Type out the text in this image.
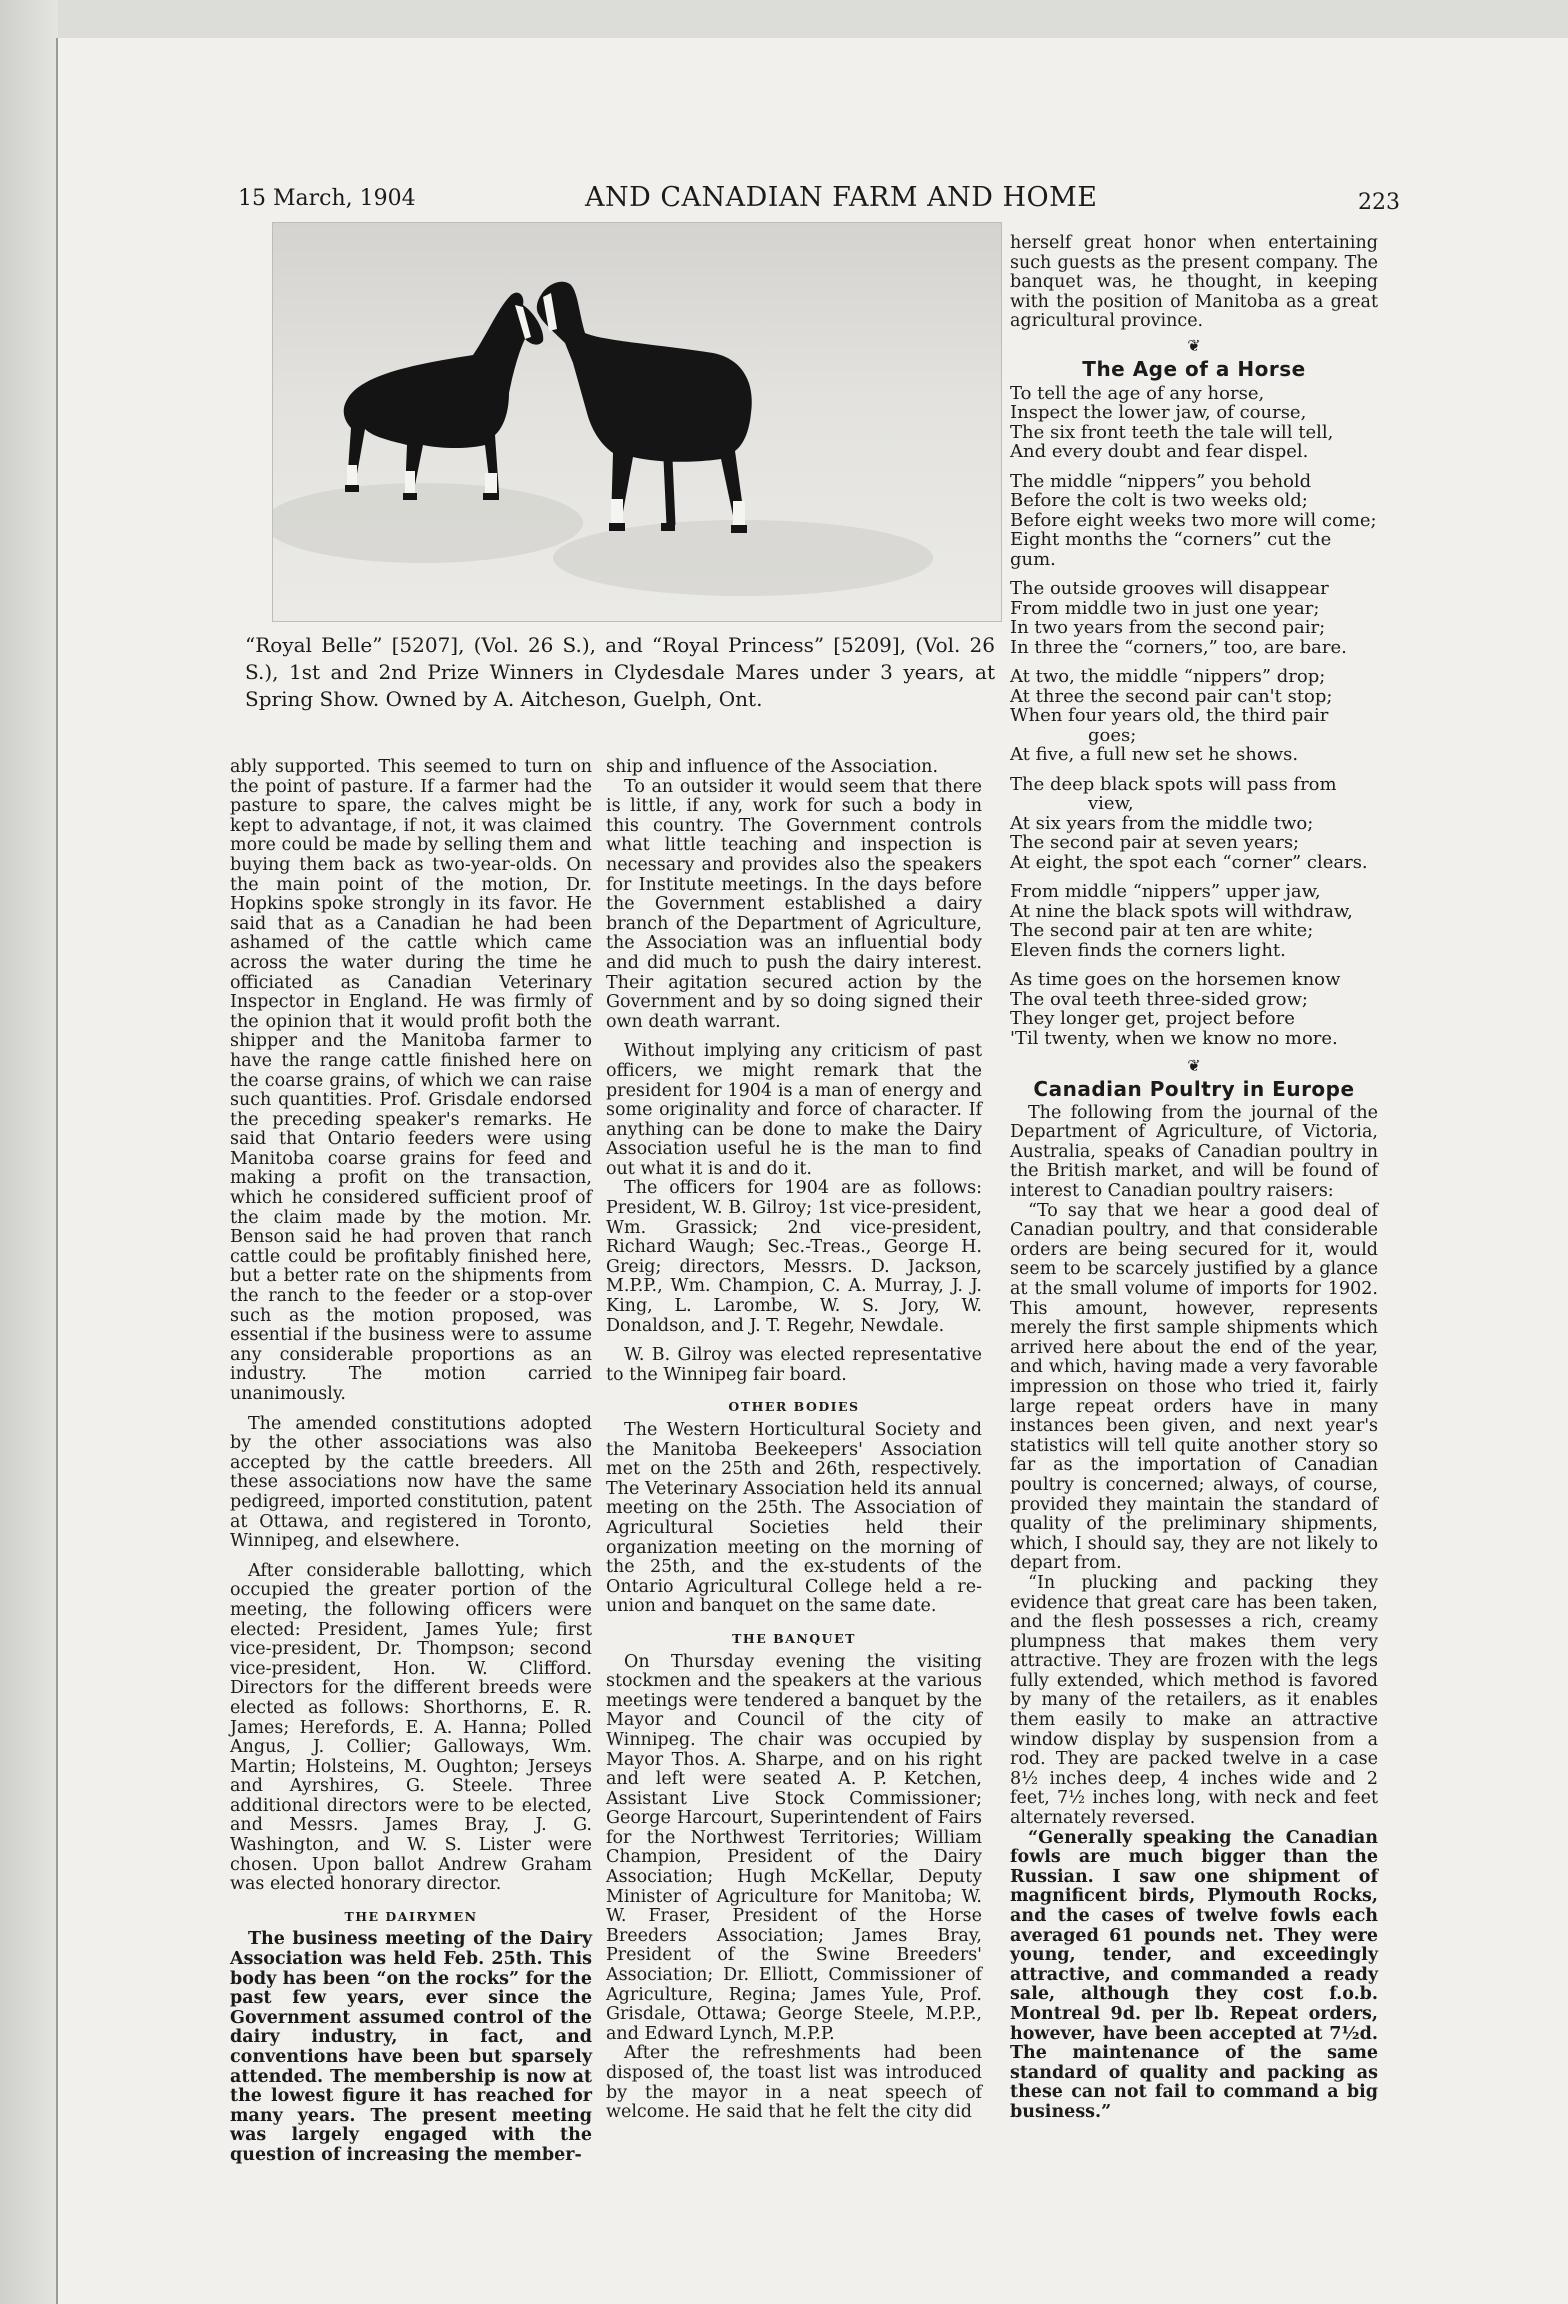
15 March, 1904	AND CANADIAN FARM AND HOME	223

“Royal Belle” [5207], (Vol. 26 S.), and “Royal Princess” [5209], (Vol. 26 S.), 1st and 2nd Prize Winners in Clydesdale Mares under 3 years, at Spring Show. Owned by A. Aitcheson, Guelph, Ont.

ably supported. This seemed to turn on the point of pasture. If a farmer had the pasture to spare, the calves might be kept to advantage, if not, it was claimed more could be made by selling them and buying them back as two-year-olds. On the main point of the motion, Dr. Hopkins spoke strongly in its favor. He said that as a Canadian he had been ashamed of the cattle which came across the water during the time he officiated as Canadian Veterinary Inspector in England. He was firmly of the opinion that it would profit both the shipper and the Manitoba farmer to have the range cattle finished here on the coarse grains, of which we can raise such quantities. Prof. Grisdale endorsed the preceding speaker's remarks. He said that Ontario feeders were using Manitoba coarse grains for feed and making a profit on the transaction, which he considered sufficient proof of the claim made by the motion. Mr. Benson said he had proven that ranch cattle could be profitably finished here, but a better rate on the shipments from the ranch to the feeder or a stop-over such as the motion proposed, was essential if the business were to assume any considerable proportions as an industry. The motion carried unanimously.

The amended constitutions adopted by the other associations was also accepted by the cattle breeders. All these associations now have the same pedigreed, imported constitution, patent at Ottawa, and registered in Toronto, Winnipeg, and elsewhere.

After considerable ballotting, which occupied the greater portion of the meeting, the following officers were elected: President, James Yule; first vice-president, Dr. Thompson; second vice-president, Hon. W. Clifford. Directors for the different breeds were elected as follows: Shorthorns, E. R. James; Herefords, E. A. Hanna; Polled Angus, J. Collier; Galloways, Wm. Martin; Holsteins, M. Oughton; Jerseys and Ayrshires, G. Steele. Three additional directors were to be elected, and Messrs. James Bray, J. G. Washington, and W. S. Lister were chosen. Upon ballot Andrew Graham was elected honorary director.

THE DAIRYMEN

The business meeting of the Dairy Association was held Feb. 25th. This body has been “on the rocks” for the past few years, ever since the Government assumed control of the dairy industry, in fact, and conventions have been but sparsely attended. The membership is now at the lowest figure it has reached for many years. The present meeting was largely engaged with the question of increasing the member-

ship and influence of the Association.

To an outsider it would seem that there is little, if any, work for such a body in this country. The Government controls what little teaching and inspection is necessary and provides also the speakers for Institute meetings. In the days before the Government established a dairy branch of the Department of Agriculture, the Association was an influential body and did much to push the dairy interest. Their agitation secured action by the Government and by so doing signed their own death warrant.

Without implying any criticism of past officers, we might remark that the president for 1904 is a man of energy and some originality and force of character. If anything can be done to make the Dairy Association useful he is the man to find out what it is and do it.

The officers for 1904 are as follows: President, W. B. Gilroy; 1st vice-president, Wm. Grassick; 2nd vice-president, Richard Waugh; Sec.-Treas., George H. Greig; directors, Messrs. D. Jackson, M.P.P., Wm. Champion, C. A. Murray, J. J. King, L. Larombe, W. S. Jory, W. Donaldson, and J. T. Regehr, Newdale.

W. B. Gilroy was elected representative to the Winnipeg fair board.

OTHER BODIES

The Western Horticultural Society and the Manitoba Beekeepers' Association met on the 25th and 26th, respectively. The Veterinary Association held its annual meeting on the 25th. The Association of Agricultural Societies held their organization meeting on the morning of the 25th, and the ex-students of the Ontario Agricultural College held a re-union and banquet on the same date.

THE BANQUET

On Thursday evening the visiting stockmen and the speakers at the various meetings were tendered a banquet by the Mayor and Council of the city of Winnipeg. The chair was occupied by Mayor Thos. A. Sharpe, and on his right and left were seated A. P. Ketchen, Assistant Live Stock Commissioner; George Harcourt, Superintendent of Fairs for the Northwest Territories; William Champion, President of the Dairy Association; Hugh McKellar, Deputy Minister of Agriculture for Manitoba; W. W. Fraser, President of the Horse Breeders Association; James Bray, President of the Swine Breeders' Association; Dr. Elliott, Commissioner of Agriculture, Regina; James Yule, Prof. Grisdale, Ottawa; George Steele, M.P.P., and Edward Lynch, M.P.P.

After the refreshments had been disposed of, the toast list was introduced by the mayor in a neat speech of welcome. He said that he felt the city did

herself great honor when entertaining such guests as the present company. The banquet was, he thought, in keeping with the position of Manitoba as a great agricultural province.

❦
The Age of a Horse
To tell the age of any horse,
Inspect the lower jaw, of course,
The six front teeth the tale will tell,
And every doubt and fear dispel.
The middle “nippers” you behold
Before the colt is two weeks old;
Before eight weeks two more will come;
Eight months the “corners” cut the gum.
The outside grooves will disappear
From middle two in just one year;
In two years from the second pair;
In three the “corners,” too, are bare.
At two, the middle “nippers” drop;
At three the second pair can't stop;
When four years old, the third pair
goes;
At five, a full new set he shows.
The deep black spots will pass from
view,
At six years from the middle two;
The second pair at seven years;
At eight, the spot each “corner” clears.
From middle “nippers” upper jaw,
At nine the black spots will withdraw,
The second pair at ten are white;
Eleven finds the corners light.
As time goes on the horsemen know
The oval teeth three-sided grow;
They longer get, project before
'Til twenty, when we know no more.
❦
Canadian Poultry in Europe

The following from the journal of the Department of Agriculture, of Victoria, Australia, speaks of Canadian poultry in the British market, and will be found of interest to Canadian poultry raisers:

“To say that we hear a good deal of Canadian poultry, and that considerable orders are being secured for it, would seem to be scarcely justified by a glance at the small volume of imports for 1902. This amount, however, represents merely the first sample shipments which arrived here about the end of the year, and which, having made a very favorable impression on those who tried it, fairly large repeat orders have in many instances been given, and next year's statistics will tell quite another story so far as the importation of Canadian poultry is concerned; always, of course, provided they maintain the standard of quality of the preliminary shipments, which, I should say, they are not likely to depart from.

“In plucking and packing they evidence that great care has been taken, and the flesh possesses a rich, creamy plumpness that makes them very attractive. They are frozen with the legs fully extended, which method is favored by many of the retailers, as it enables them easily to make an attractive window display by suspension from a rod. They are packed twelve in a case 8½ inches deep, 4 inches wide and 2 feet, 7½ inches long, with neck and feet alternately reversed.

“Generally speaking the Canadian fowls are much bigger than the Russian. I saw one shipment of magnificent birds, Plymouth Rocks, and the cases of twelve fowls each averaged 61 pounds net. They were young, tender, and exceedingly attractive, and commanded a ready sale, although they cost f.o.b. Montreal 9d. per lb. Repeat orders, however, have been accepted at 7½d. The maintenance of the same standard of quality and packing as these can not fail to command a big business.”
